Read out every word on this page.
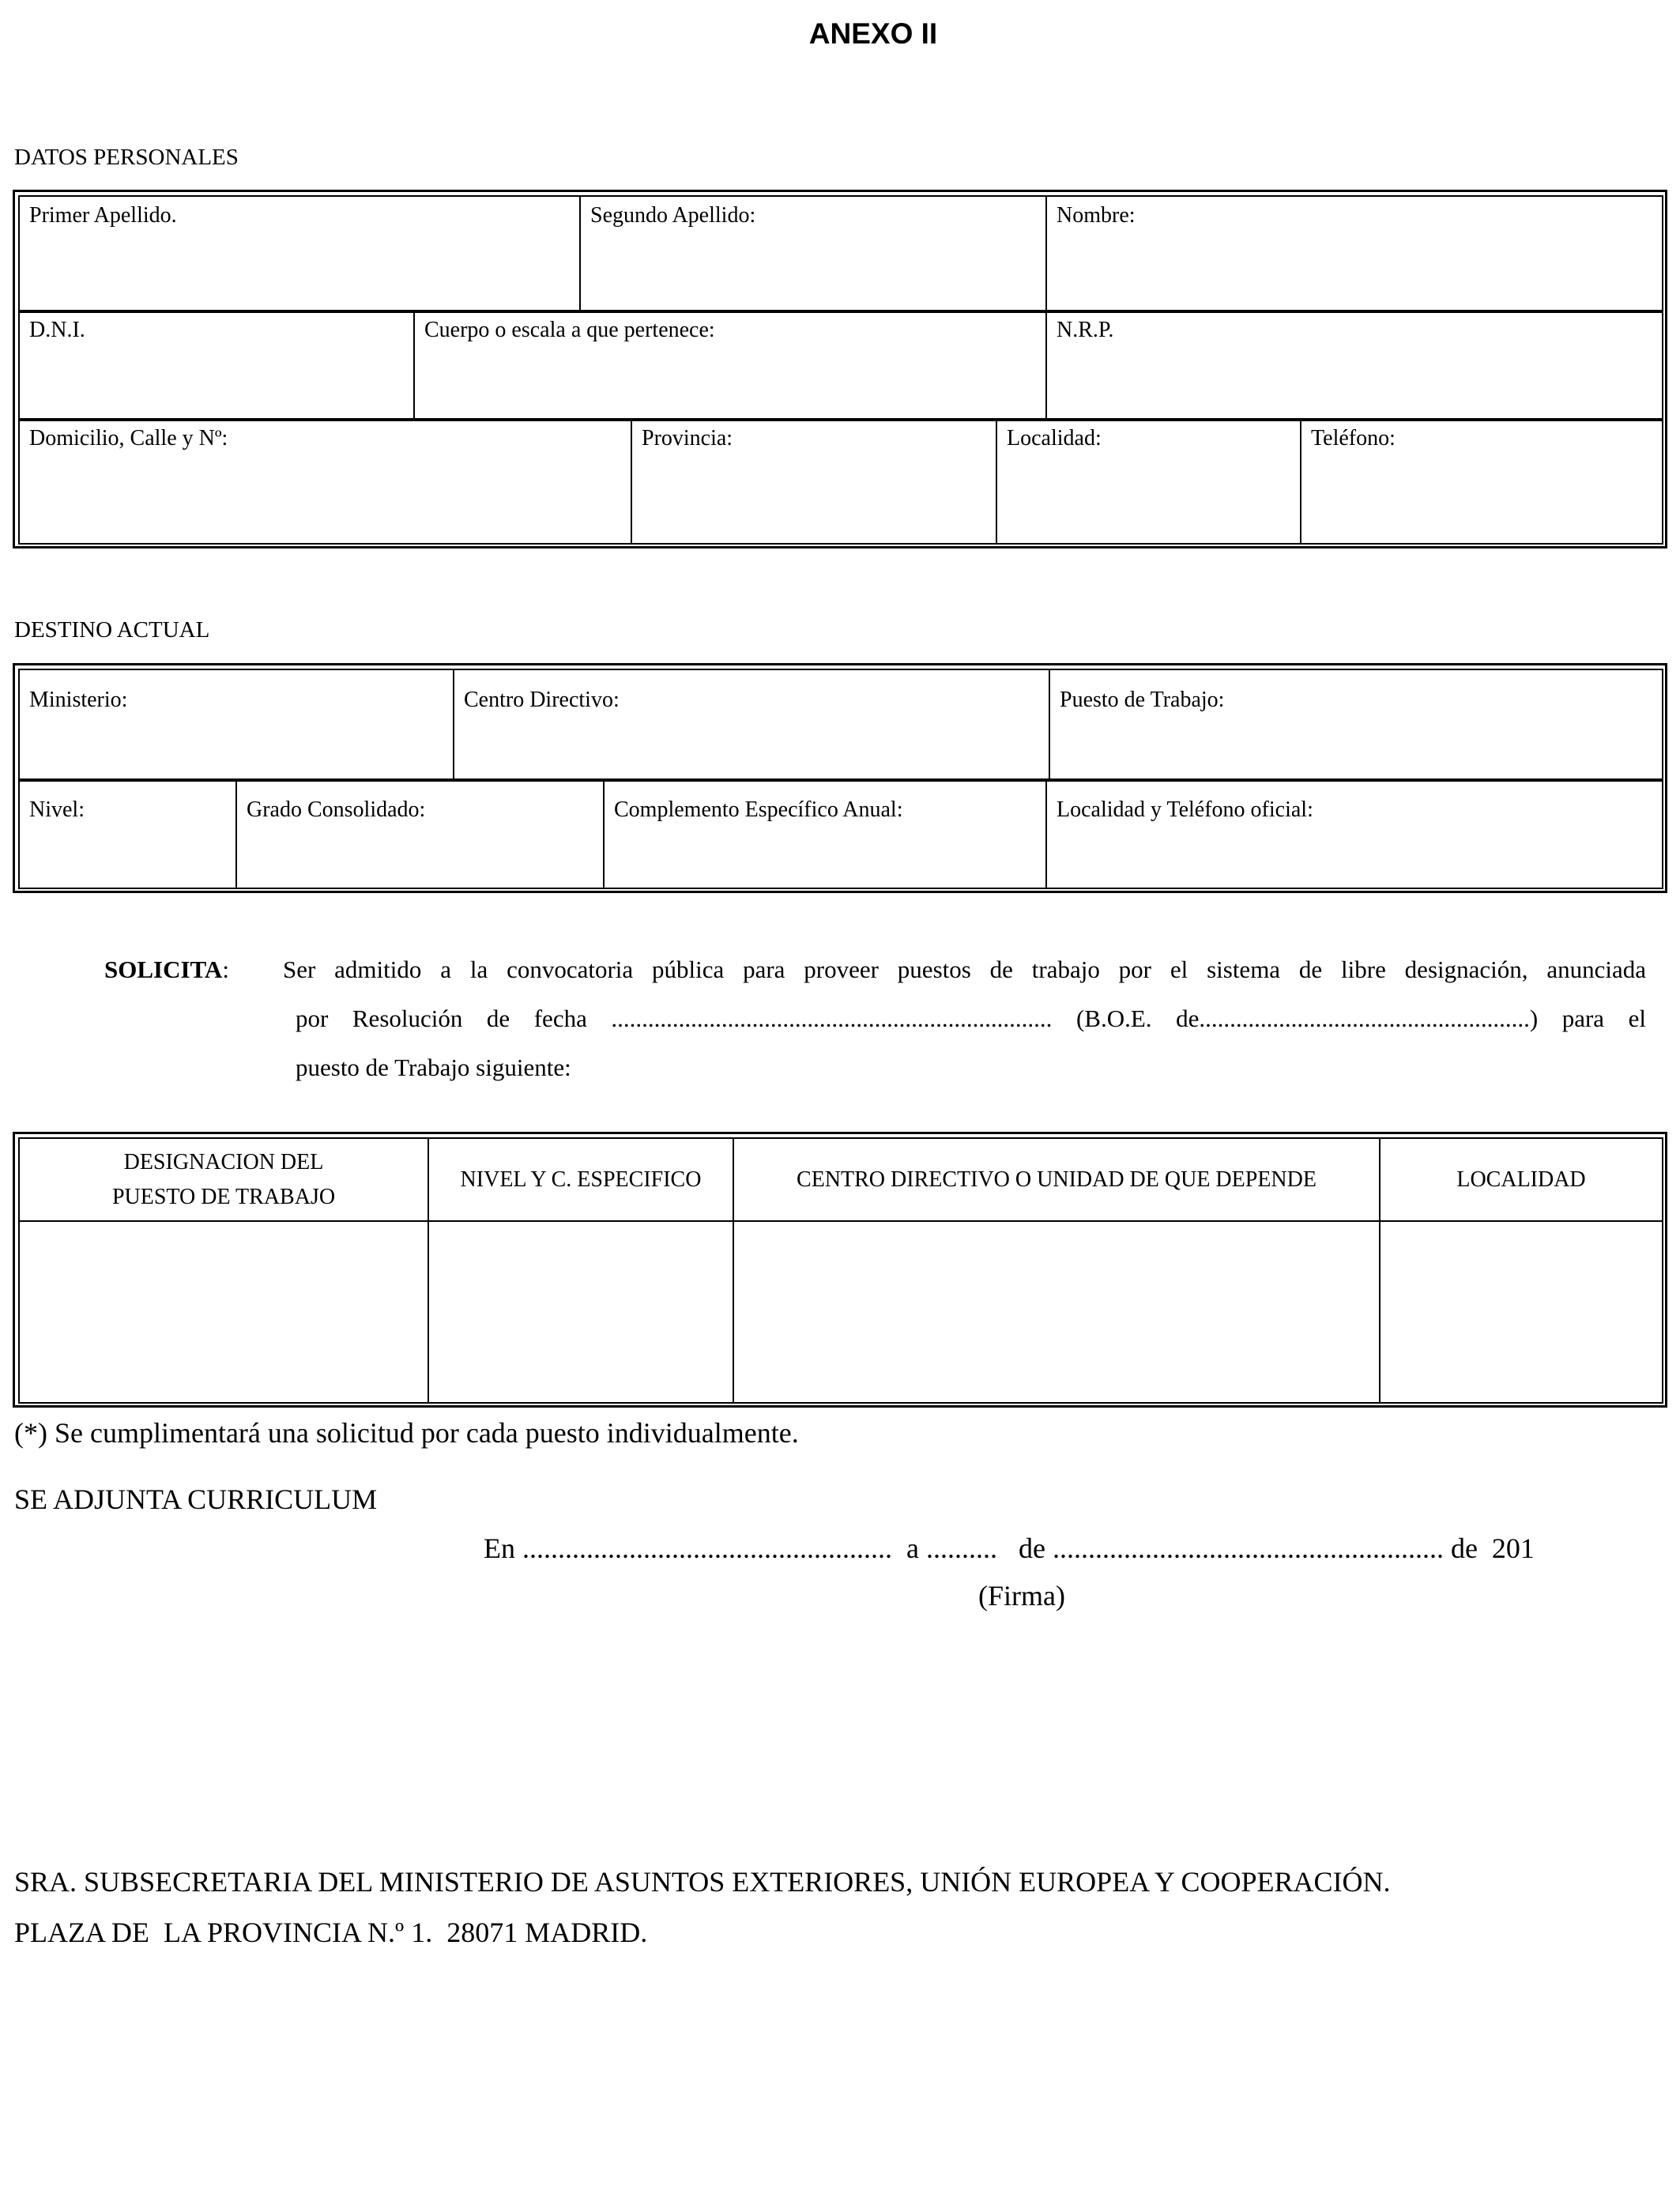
ANEXO II
DATOS PERSONALES
Primer Apellido.	Segundo Apellido:	Nombre:
D.N.I.	Cuerpo o escala a que pertenece:	N.R.P.
Domicilio, Calle y Nº:	Provincia:	Localidad:	Teléfono:
DESTINO ACTUAL
Ministerio:	Centro Directivo:	Puesto de Trabajo:
Nivel:	Grado Consolidado:	Complemento Específico Anual:	Localidad y Teléfono oficial:
SOLICITA: Ser admitido a la convocatoria pública para proveer puestos de trabajo por el sistema de libre designación, anunciada
por Resolución de fecha ........................................................................ (B.O.E. de......................................................) para el
puesto de Trabajo siguiente:
DESIGNACION DEL
PUESTO DE TRABAJO	NIVEL Y C. ESPECIFICO	CENTRO DIRECTIVO O UNIDAD DE QUE DEPENDE	LOCALIDAD

(*) Se cumplimentará una solicitud por cada puesto individualmente.
SE ADJUNTA CURRICULUM
En ....................................................  a ..........   de ....................................................... de  201
(Firma)
SRA. SUBSECRETARIA DEL MINISTERIO DE ASUNTOS EXTERIORES, UNIÓN EUROPEA Y COOPERACIÓN.
PLAZA DE  LA PROVINCIA N.º 1.  28071 MADRID.
